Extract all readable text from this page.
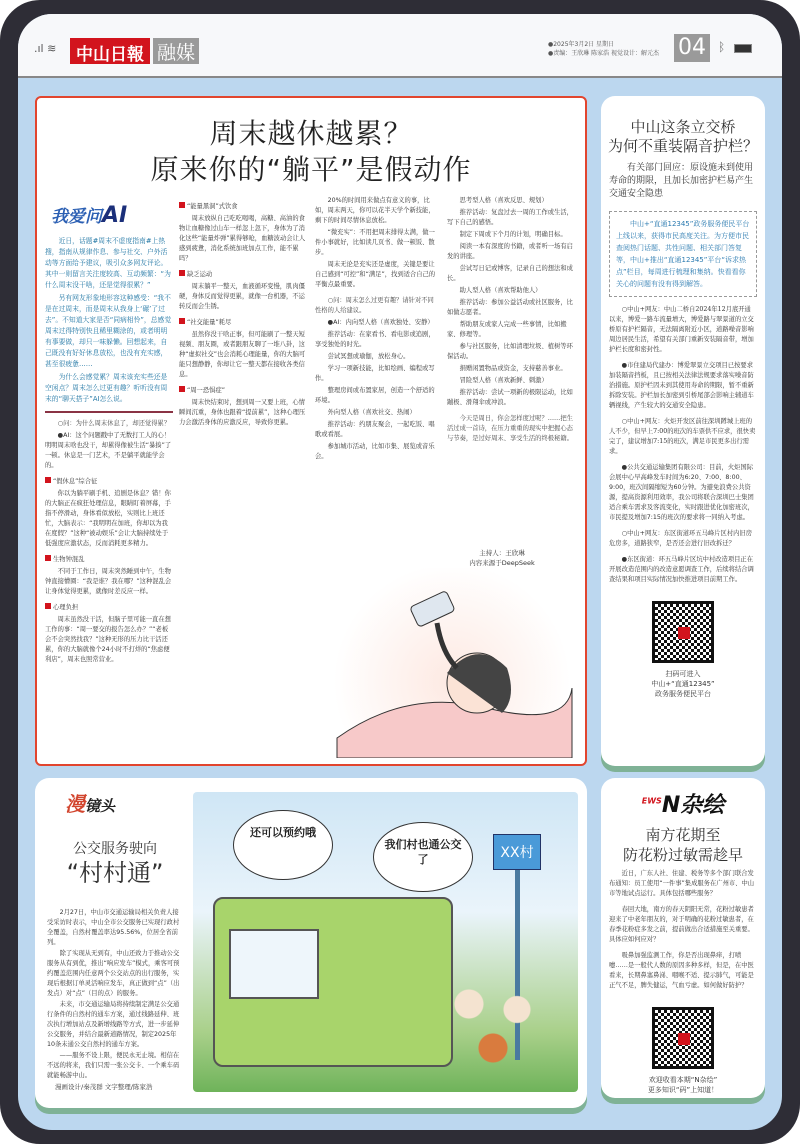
.ıl ≋	中山日報 融媒	●2025年3月2日 星期日
●责编：王欣琳 陈家浩 视觉设计：解元杰 04	ᛒ
周末越休越累？
原来你的“躺平”是假动作
我爱问AI

近日，话题#周末不虚度指南#上热搜，指南从规律作息、参与社交、户外活动等方面给予建议，吸引众多网友评论。其中一则留言关注度较高、互动频繁：“为什么周末没干啥，还是觉得很累？”

另有网友形象地形容这种感受：“我不是在过周末，而是周末从我身上‘碾’了过去”。不知道大家是否“同病相怜”，总感觉周末过得特别快且稀里糊涂的，或者明明有事要做，却只一味躲懒。回想起来，自己既没有好好休息放松，也没有充实感，甚至很疲惫……

为什么会感觉累？周末该充实些还是空闲点？周末怎么过更有趣？听听没有周末的“聊天搭子”AI怎么说。

○问：为什么周末休息了，却还觉得累？

●AI：这个问题戳中了无数打工人的心！明明周末啥也没干，却累得像被生活“暴揍”了一顿。休息是一门艺术，不是躺平就能学会的。

“假休息”综合征

你以为躺平刷手机、追剧是休息？错！你的大脑正在疯狂处理信息，眼睛盯着屏幕，手指不停滑动，身体看似放松，实则比上班还忙，大脑表示：“我明明在加班，你却以为我在度假？”这种“被动娱乐”会让大脑持续处于低强度应激状态，反而消耗更多精力。

生物钟混乱

不同于工作日，周末突然睡到中午，生物钟直接懵圈：“我是谁？我在哪？”这种混乱会让身体觉得更累，就像时差反应一样。

心理负担

周末虽然没干活，但脑子里可能一直在想工作的事：“周一要交的报告怎么办？”“老板会不会突然找我？”这种无形的压力比干活还累，你的大脑就像个24小时不打烊的“焦虑便利店”，周末也照常营业。

“能量黑洞”式饮食

周末放纵自己吃吃喝喝，高糖、高油的食物让血糖像过山车一样忽上忽下，身体为了消化这些“能量炸弹”累得够呛，血糖波动会让人感到疲惫，消化系统加班加点工作，能不累吗？

缺乏运动

周末躺平一整天，血液循环变慢，肌肉僵硬，身体反而觉得更累，就像一台机器，不运转反而会生锈。

“社交能量”耗尽

虽然你没干啥正事，但可能刷了一整天短视频、朋友圈，或者跟朋友聊了一堆八卦，这种“虚拟社交”也会消耗心理能量，你的大脑可能只想静静，你却让它一整天都在接收各类信息。

“周一恐惧症”

周末快结束时，想到周一又要上班，心情瞬间沉重，身体也跟着“提前累”，这种心理压力会激活身体的应激反应，导致你更累。

20%的时间用来做点有意义的事，比如，周末两天，你可以花半天学个新技能，剩下的时间尽情休息放松。

“微充实”：不用把周末排得太满，做一件小事就好，比如读几页书、做一顿饭、散步。

周末无论是充实还是虚度，关键是要让自己感到“可控”和“满足”，找到适合自己的平衡点最重要。

○问：周末怎么过更有趣？请针对不同性格的人给建议。

●AI：内向型人格（喜欢独处、安静）

推荐活动：在家看书、看电影或追剧，享受独处的时光。

尝试冥想或瑜伽，放松身心。

学习一项新技能，比如绘画、编程或写作。

整理房间或布置家居，创造一个舒适的环境。

外向型人格（喜欢社交、热闹）

推荐活动：约朋友聚会，一起吃饭、唱歌或看展。

参加城市活动，比如市集、展览或音乐会。

思考型人格（喜欢反思、规划）

推荐活动：复盘过去一周的工作或生活，写下自己的感悟。

制定下周或下个月的计划，明确目标。

阅读一本有深度的书籍，或者听一场有启发的讲座。

尝试写日记或博客，记录自己的想法和成长。

助人型人格（喜欢帮助他人）

推荐活动：参加公益活动或社区服务，比如做志愿者。

帮助朋友或家人完成一些事情，比如搬家、修理等。

参与社区服务，比如清理垃圾、植树等环保活动。

捐赠闲置物品或资金，支持慈善事业。

冒险型人格（喜欢新鲜、刺激）

推荐活动：尝试一项新的极限运动，比如蹦极、滑翔伞或冲浪。

今天是周日，你会怎样度过呢？……把生活过成一首诗，在压力重重的现实中把握心态与节奏，是过好周末、享受生活的终极秘籍。

主持人：王欣琳
内容来源于DeepSeek
中山这条立交桥
为何不重装隔音护栏？
有关部门回应：原设施未到使用寿命的期限，且加长加密护栏易产生交通安全隐患
中山+“直通12345”政务服务便民平台上线以来，获得市民高度关注。为方便市民查阅热门话题、共性问题、相关部门答复等，中山+推出“直通12345”平台“诉求热点”栏目，每周进行梳理和集纳。快看看你关心的问题有没有得到解答。

○中山+网友：中山二桥自2024年12月底开通以来，博爱一路车流量增大，博爱路与翠景道的立交桥原有护栏隔音，无法隔离附近小区，道路噪音影响周边居民生活，希望有关部门重新安装隔音带，增加护栏长度和密封性。

●市住建局代建办：博爱翠景立交项目已按要求加装隔音挡板，且已按相关法律法规要求落实噪音防治措施。原护栏因未到其使用寿命的期限，暂不重新拆除安装。护栏加长加密到引桥尾部会影响主辅道车辆视线，产生较大的交通安全隐患。

○中山+网友：火炬开发区前往深圳蹲城上班的人不少，但早上7:00的班次的车票供不应求，很快卖完了，建议增加7:15的班次，满足市民更多出行需求。

●公共交通运输集团有限公司：目前，火炬国际会展中心早高峰发车时间为6:20、7:00、8:00、9:00，班次间隔缩短为60分钟。为避免浪费公共资源，提高资源利用效率，我公司将联合深圳巴士集团适合乘车需求及客流变化，实时跟进优化加密班次，市民提及增加7:15的班次的要求将一同纳入考虑。

○中山+网友：东区街道环五马峰片区村内旧房危房多，道路狭窄，是否还会进行旧改拆迁？

●东区街道：环五马峰片区坑中村改造项目正在开展改造范围内的改造意愿调查工作，后续将结合调查结果和项目实际情况加快推进项目前期工作。

扫码可进入
中山+“直通12345”
政务服务便民平台
漫镜头
公交服务驶向
“村村通”

2月27日，中山市交通运输局相关负责人接受采访时表示，中山全市公交服务已实现行政村全覆盖，自然村覆盖率达95.56%，位居全省前列。

除了实现从无到有，中山还致力于推动公交服务从有到优，推出“响应发车”模式，乘客可预约覆盖范围内任意两个公交站点的出行服务，实现后根据订单灵活响应发车，真正做到“点”（出发点）对“点”（目的点）的服务。

未来，市交通运输局将持续制定满足公交通行条件的自然村的通车方案，通过线路延伸、班次执行增加站点及新增线路等方式，进一步延伸公交服务，并结合最新道路情况，制定2025年10条未通公交自然村的通车方案。

——服务不设上限，便民永无止境。相信在不远的将来，我们只需一张公交卡、一个乘车码就能畅游中山。

漫画设计/秦茂群 文字整理/陈家浩
还可以预约哦
我们村也通公交了	XX村
$^{EWS}$N杂绘
南方花期至
防花粉过敏需趁早

近日，广东人社、住建、税务等多个部门联合发布通知：员工使用“一件事”集成服务在广州市、中山市等地试点运行。具体包括哪些服务？

春回大地，南方的春天阴阳无常，花粉过敏患者迎来了中老年朋友的，对于明确的花粉过敏患者，在春季花粉症多发之前，提前做出合适措施至关重要。具体应如何应对？

吸鼻加强监测工作，你是否出现鼻痒，打喷嚏……是一般代人数的原因多种多样，但是，在中医看来，长期鼻塞鼻涕、咽喉不适、提示肺气，可能是正气不足，脾失健运，气血亏虚。如何做好防护？

欢迎收看本期“N杂绘”
更多知识“码”上知道！
